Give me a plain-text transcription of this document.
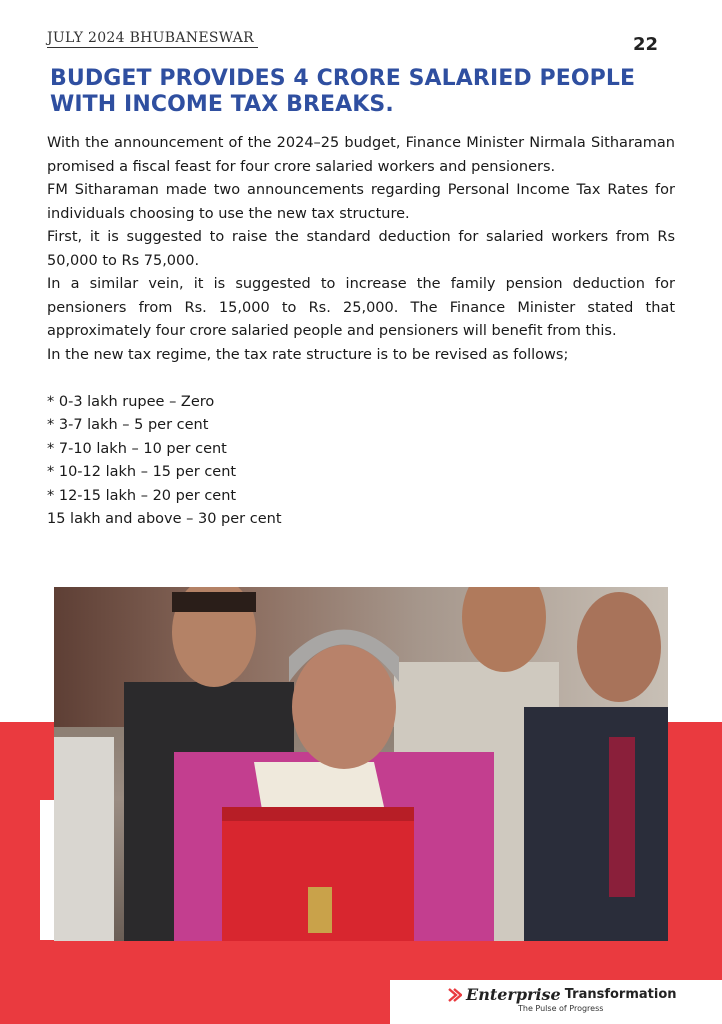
JULY 2024 BHUBANESWAR	22
BUDGET PROVIDES 4 CRORE SALARIED PEOPLE WITH INCOME TAX BREAKS.

With the announcement of the 2024–25 budget, Finance Minister Nirmala Sitharaman promised a fiscal feast for four crore salaried workers and pensioners.

FM Sitharaman made two announcements regarding Personal Income Tax Rates for individuals choosing to use the new tax structure.

First, it is suggested to raise the standard deduction for salaried workers from Rs 50,000 to Rs 75,000.

In a similar vein, it is suggested to increase the family pension deduction for pensioners from Rs. 15,000 to Rs. 25,000. The Finance Minister stated that approximately four crore salaried people and pensioners will benefit from this.

In the new tax regime, the tax rate structure is to be revised as follows;

* 0-3 lakh rupee – Zero

* 3-7 lakh – 5 per cent

* 7-10 lakh – 10 per cent

* 10-12 lakh – 15 per cent

* 12-15 lakh – 20 per cent

15 lakh and above – 30 per cent

Enterprise Transformation
The Pulse of Progress
